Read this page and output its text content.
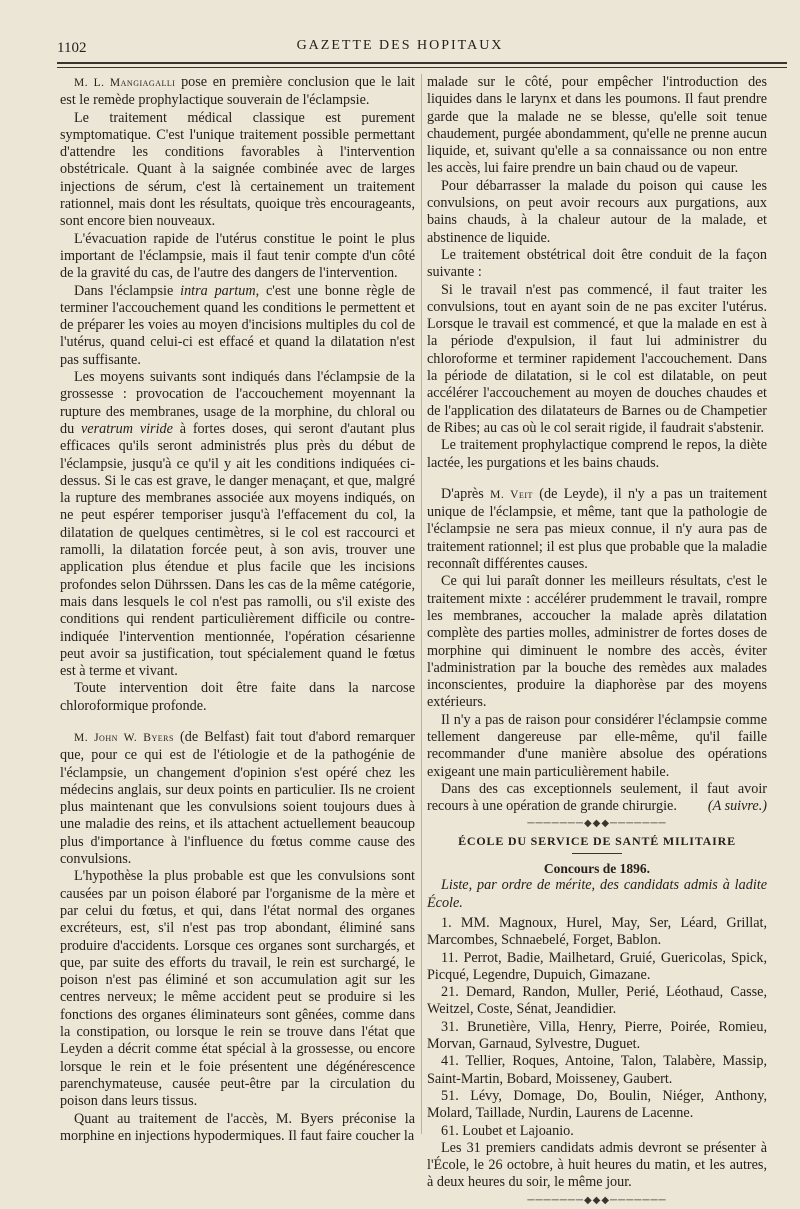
1102	GAZETTE DES HOPITAUX

M. L. Mangiagalli pose en première conclusion que le lait est le remède prophylactique souverain de l'éclampsie.

Le traitement médical classique est purement symptomatique. C'est l'unique traitement possible permettant d'attendre les conditions favorables à l'intervention obstétricale. Quant à la saignée combinée avec de larges injections de sérum, c'est là certainement un traitement rationnel, mais dont les résultats, quoique très encourageants, sont encore bien nouveaux.

L'évacuation rapide de l'utérus constitue le point le plus important de l'éclampsie, mais il faut tenir compte d'un côté de la gravité du cas, de l'autre des dangers de l'intervention.

Dans l'éclampsie intra partum, c'est une bonne règle de terminer l'accouchement quand les conditions le permettent et de préparer les voies au moyen d'incisions multiples du col de l'utérus, quand celui-ci est effacé et quand la dilatation n'est pas suffisante.

Les moyens suivants sont indiqués dans l'éclampsie de la grossesse : provocation de l'accouchement moyennant la rupture des membranes, usage de la morphine, du chloral ou du veratrum viride à fortes doses, qui seront d'autant plus efficaces qu'ils seront administrés plus près du début de l'éclampsie, jusqu'à ce qu'il y ait les conditions indiquées ci-dessus. Si le cas est grave, le danger menaçant, et que, malgré la rupture des membranes associée aux moyens indiqués, on ne peut espérer temporiser jusqu'à l'effacement du col, la dilatation de quelques centimètres, si le col est raccourci et ramolli, la dilatation forcée peut, à son avis, trouver une application plus étendue et plus facile que les incisions profondes selon Dührssen. Dans les cas de la même catégorie, mais dans lesquels le col n'est pas ramolli, ou s'il existe des conditions qui rendent particulièrement difficile ou contre-indiquée l'intervention mentionnée, l'opération césarienne peut avoir sa justification, tout spécialement quand le fœtus est à terme et vivant.

Toute intervention doit être faite dans la narcose chloroformique profonde.

M. John W. Byers (de Belfast) fait tout d'abord remarquer que, pour ce qui est de l'étiologie et de la pathogénie de l'éclampsie, un changement d'opinion s'est opéré chez les médecins anglais, sur deux points en particulier. Ils ne croient plus maintenant que les convulsions soient toujours dues à une maladie des reins, et ils attachent actuellement beaucoup plus d'importance à l'influence du fœtus comme cause des convulsions.

L'hypothèse la plus probable est que les convulsions sont causées par un poison élaboré par l'organisme de la mère et par celui du fœtus, et qui, dans l'état normal des organes excréteurs, est, s'il n'est pas trop abondant, éliminé sans produire d'accidents. Lorsque ces organes sont surchargés, et que, par suite des efforts du travail, le rein est surchargé, le poison n'est pas éliminé et son accumulation agit sur les centres nerveux; le même accident peut se produire si les fonctions des organes éliminateurs sont gênées, comme dans la constipation, ou lorsque le rein se trouve dans l'état que Leyden a décrit comme état spécial à la grossesse, ou encore lorsque le rein et le foie présentent une dégénérescence parenchymateuse, causée peut-être par la circulation du poison dans leurs tissus.

Quant au traitement de l'accès, M. Byers préconise la morphine en injections hypodermiques. Il faut faire coucher la

malade sur le côté, pour empêcher l'introduction des liquides dans le larynx et dans les poumons. Il faut prendre garde que la malade ne se blesse, qu'elle soit tenue chaudement, purgée abondamment, qu'elle ne prenne aucun liquide, et, suivant qu'elle a sa connaissance ou non entre les accès, lui faire prendre un bain chaud ou de vapeur.

Pour débarrasser la malade du poison qui cause les convulsions, on peut avoir recours aux purgations, aux bains chauds, à la chaleur autour de la malade, et abstinence de liquide.

Le traitement obstétrical doit être conduit de la façon suivante :

Si le travail n'est pas commencé, il faut traiter les convulsions, tout en ayant soin de ne pas exciter l'utérus. Lorsque le travail est commencé, et que la malade en est à la période d'expulsion, il faut lui administrer du chloroforme et terminer rapidement l'accouchement. Dans la période de dilatation, si le col est dilatable, on peut accélérer l'accouchement au moyen de douches chaudes et de l'application des dilatateurs de Barnes ou de Champetier de Ribes; au cas où le col serait rigide, il faudrait s'abstenir.

Le traitement prophylactique comprend le repos, la diète lactée, les purgations et les bains chauds.

D'après M. Veit (de Leyde), il n'y a pas un traitement unique de l'éclampsie, et même, tant que la pathologie de l'éclampsie ne sera pas mieux connue, il n'y aura pas de traitement rationnel; il est plus que probable que la maladie reconnaît différentes causes.

Ce qui lui paraît donner les meilleurs résultats, c'est le traitement mixte : accélérer prudemment le travail, rompre les membranes, accoucher la malade après dilatation complète des parties molles, administrer de fortes doses de morphine qui diminuent le nombre des accès, éviter l'administration par la bouche des remèdes aux malades inconscientes, produire la diaphorèse par des moyens extérieurs.

Il n'y a pas de raison pour considérer l'éclampsie comme tellement dangereuse par elle-même, qu'il faille recommander d'une manière absolue des opérations exigeant une main particulièrement habile.

Dans des cas exceptionnels seulement, il faut avoir recours à une opération de grande chirurgie.	(A suivre.)

───────◆◆◆───────

ÉCOLE DU SERVICE DE SANTÉ MILITAIRE

Concours de 1896.

Liste, par ordre de mérite, des candidats admis à ladite École.

1. MM. Magnoux, Hurel, May, Ser, Léard, Grillat, Marcombes, Schnaebelé, Forget, Bablon.

11. Perrot, Badie, Mailhetard, Gruié, Guericolas, Spick, Picqué, Legendre, Dupuich, Gimazane.

21. Demard, Randon, Muller, Perié, Léothaud, Casse, Weitzel, Coste, Sénat, Jeandidier.

31. Brunetière, Villa, Henry, Pierre, Poirée, Romieu, Morvan, Garnaud, Sylvestre, Duguet.

41. Tellier, Roques, Antoine, Talon, Talabère, Massip, Saint-Martin, Bobard, Moisseney, Gaubert.

51. Lévy, Domage, Do, Boulin, Niéger, Anthony, Molard, Taillade, Nurdin, Laurens de Lacenne.

61. Loubet et Lajoanio.

Les 31 premiers candidats admis devront se présenter à l'École, le 26 octobre, à huit heures du matin, et les autres, à deux heures du soir, le même jour.

───────◆◆◆───────
